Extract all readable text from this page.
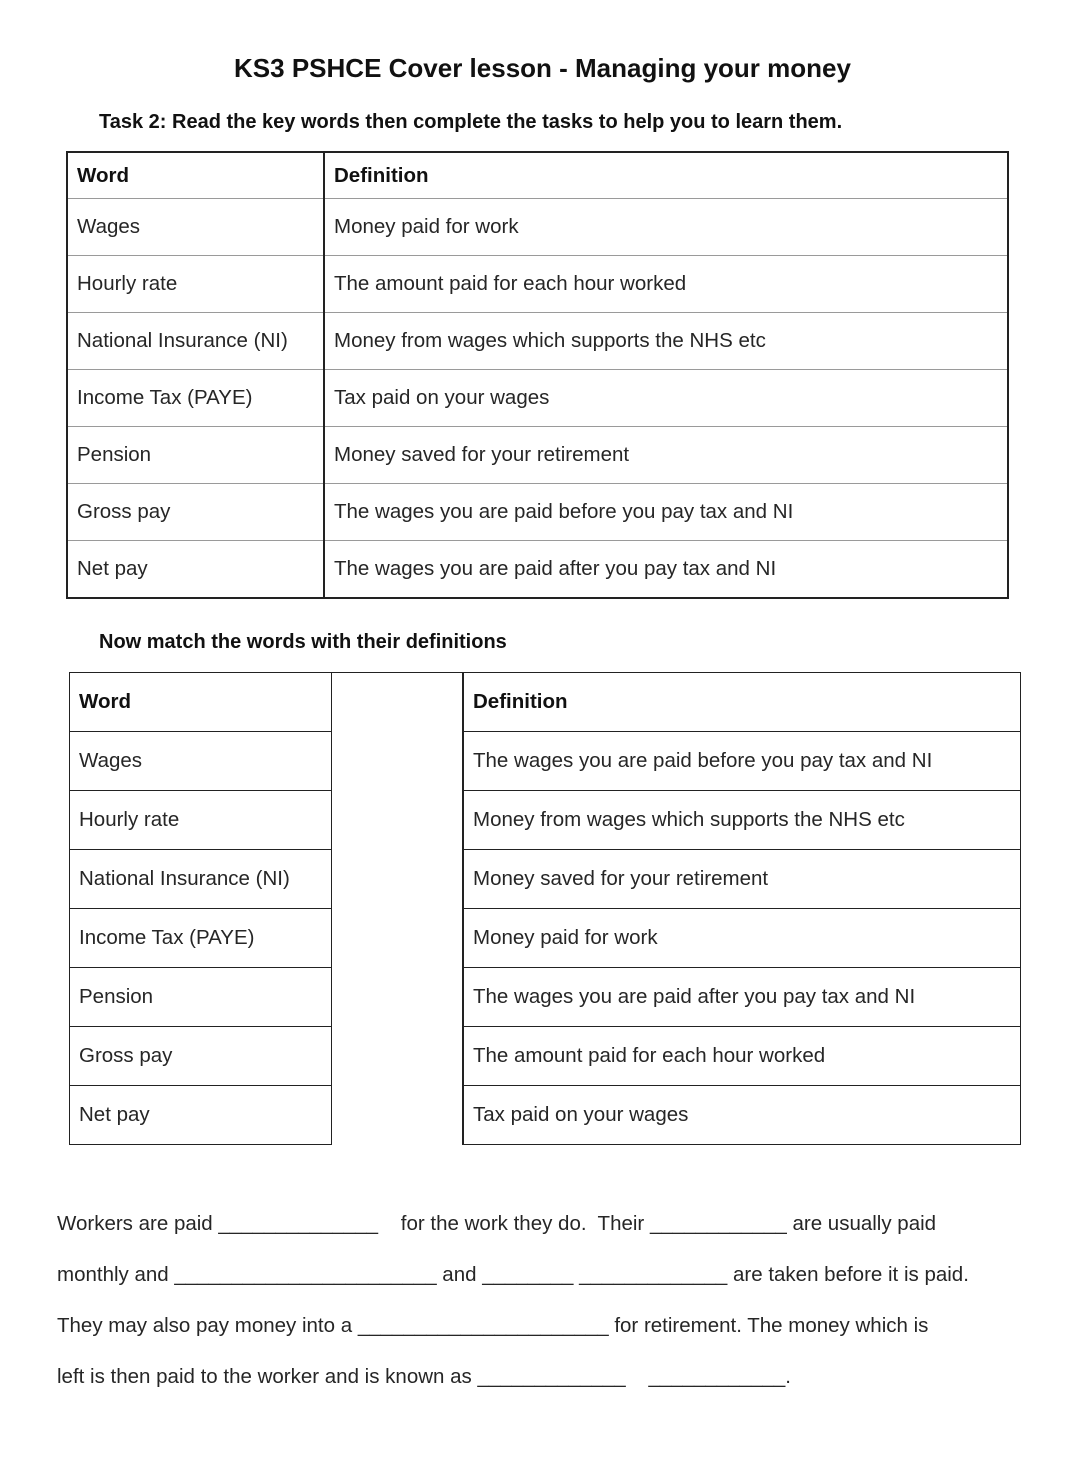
KS3 PSHCE Cover lesson - Managing your money
Task 2: Read the key words then complete the tasks to help you to learn them.
Word	Definition
Wages	Money paid for work
Hourly rate	The amount paid for each hour worked
National Insurance (NI)	Money from wages which supports the NHS etc
Income Tax (PAYE)	Tax paid on your wages
Pension	Money saved for your retirement
Gross pay	The wages you are paid before you pay tax and NI
Net pay	The wages you are paid after you pay tax and NI
Now match the words with their definitions
Word		Definition
Wages		The wages you are paid before you pay tax and NI
Hourly rate		Money from wages which supports the NHS etc
National Insurance (NI)		Money saved for your retirement
Income Tax (PAYE)		Money paid for work
Pension		The wages you are paid after you pay tax and NI
Gross pay		The amount paid for each hour worked
Net pay		Tax paid on your wages
Workers are paid ______________    for the work they do.  Their ____________ are usually paid
monthly and _______________________ and ________ _____________ are taken before it is paid.
They may also pay money into a ______________________ for retirement. The money which is
left is then paid to the worker and is known as _____________    ____________.
